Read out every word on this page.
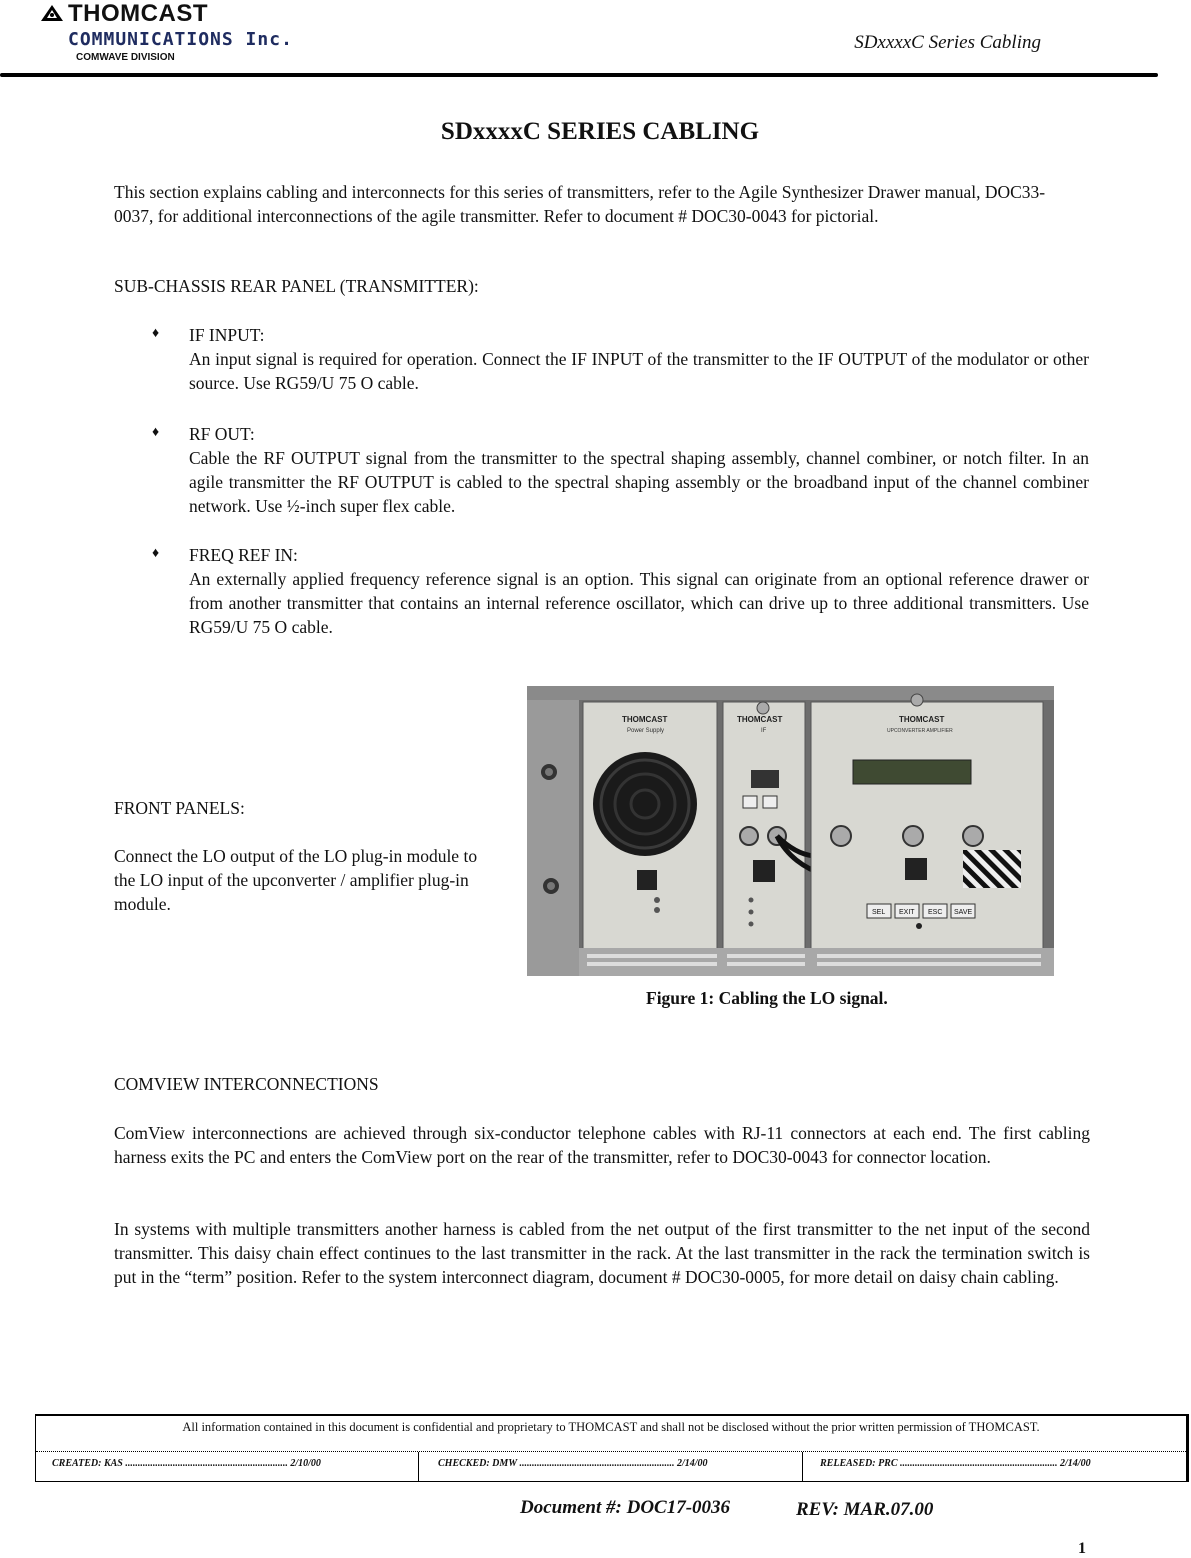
THOMCAST
COMMUNICATIONS Inc.
COMWAVE DIVISION
SDxxxxC Series Cabling
SDxxxxC SERIES CABLING
This section explains cabling and interconnects for this series of transmitters, refer to the Agile Synthesizer Drawer manual, DOC33-0037, for additional interconnections of the agile transmitter. Refer to document # DOC30-0043 for pictorial.
SUB-CHASSIS REAR PANEL (TRANSMITTER):
♦ IF INPUT:
An input signal is required for operation. Connect the IF INPUT of the transmitter to the IF OUTPUT of the modulator or other source. Use RG59/U 75 O cable.
♦ RF OUT:
Cable the RF OUTPUT signal from the transmitter to the spectral shaping assembly, channel combiner, or notch filter. In an agile transmitter the RF OUTPUT is cabled to the spectral shaping assembly or the broadband input of the channel combiner network. Use ½-inch super flex cable.
♦ FREQ REF IN:
An externally applied frequency reference signal is an option. This signal can originate from an optional reference drawer or from another transmitter that contains an internal reference oscillator, which can drive up to three additional transmitters. Use RG59/U 75 O cable.
FRONT PANELS:
Connect the LO output of the LO plug-in module to the LO input of the upconverter / amplifier plug-in module.
THOMCAST
Power Supply
THOMCAST
IF
THOMCAST
UPCONVERTER AMPLIFIER
SEL EXIT ESC SAVE
Figure 1: Cabling the LO signal.
COMVIEW INTERCONNECTIONS
ComView interconnections are achieved through six-conductor telephone cables with RJ-11 connectors at each end. The first cabling harness exits the PC and enters the ComView port on the rear of the transmitter, refer to DOC30-0043 for connector location.
In systems with multiple transmitters another harness is cabled from the net output of the first transmitter to the net input of the second transmitter. This daisy chain effect continues to the last transmitter in the rack. At the last transmitter in the rack the termination switch is put in the “term” position. Refer to the system interconnect diagram, document # DOC30-0005, for more detail on daisy chain cabling.
All information contained in this document is confidential and proprietary to THOMCAST and shall not be disclosed without the prior written permission of THOMCAST.
CREATED: KAS ................................................................. 2/10/00	CHECKED: DMW .............................................................. 2/14/00	RELEASED: PRC ............................................................... 2/14/00
Document #: DOC17-0036	REV: MAR.07.00
1
